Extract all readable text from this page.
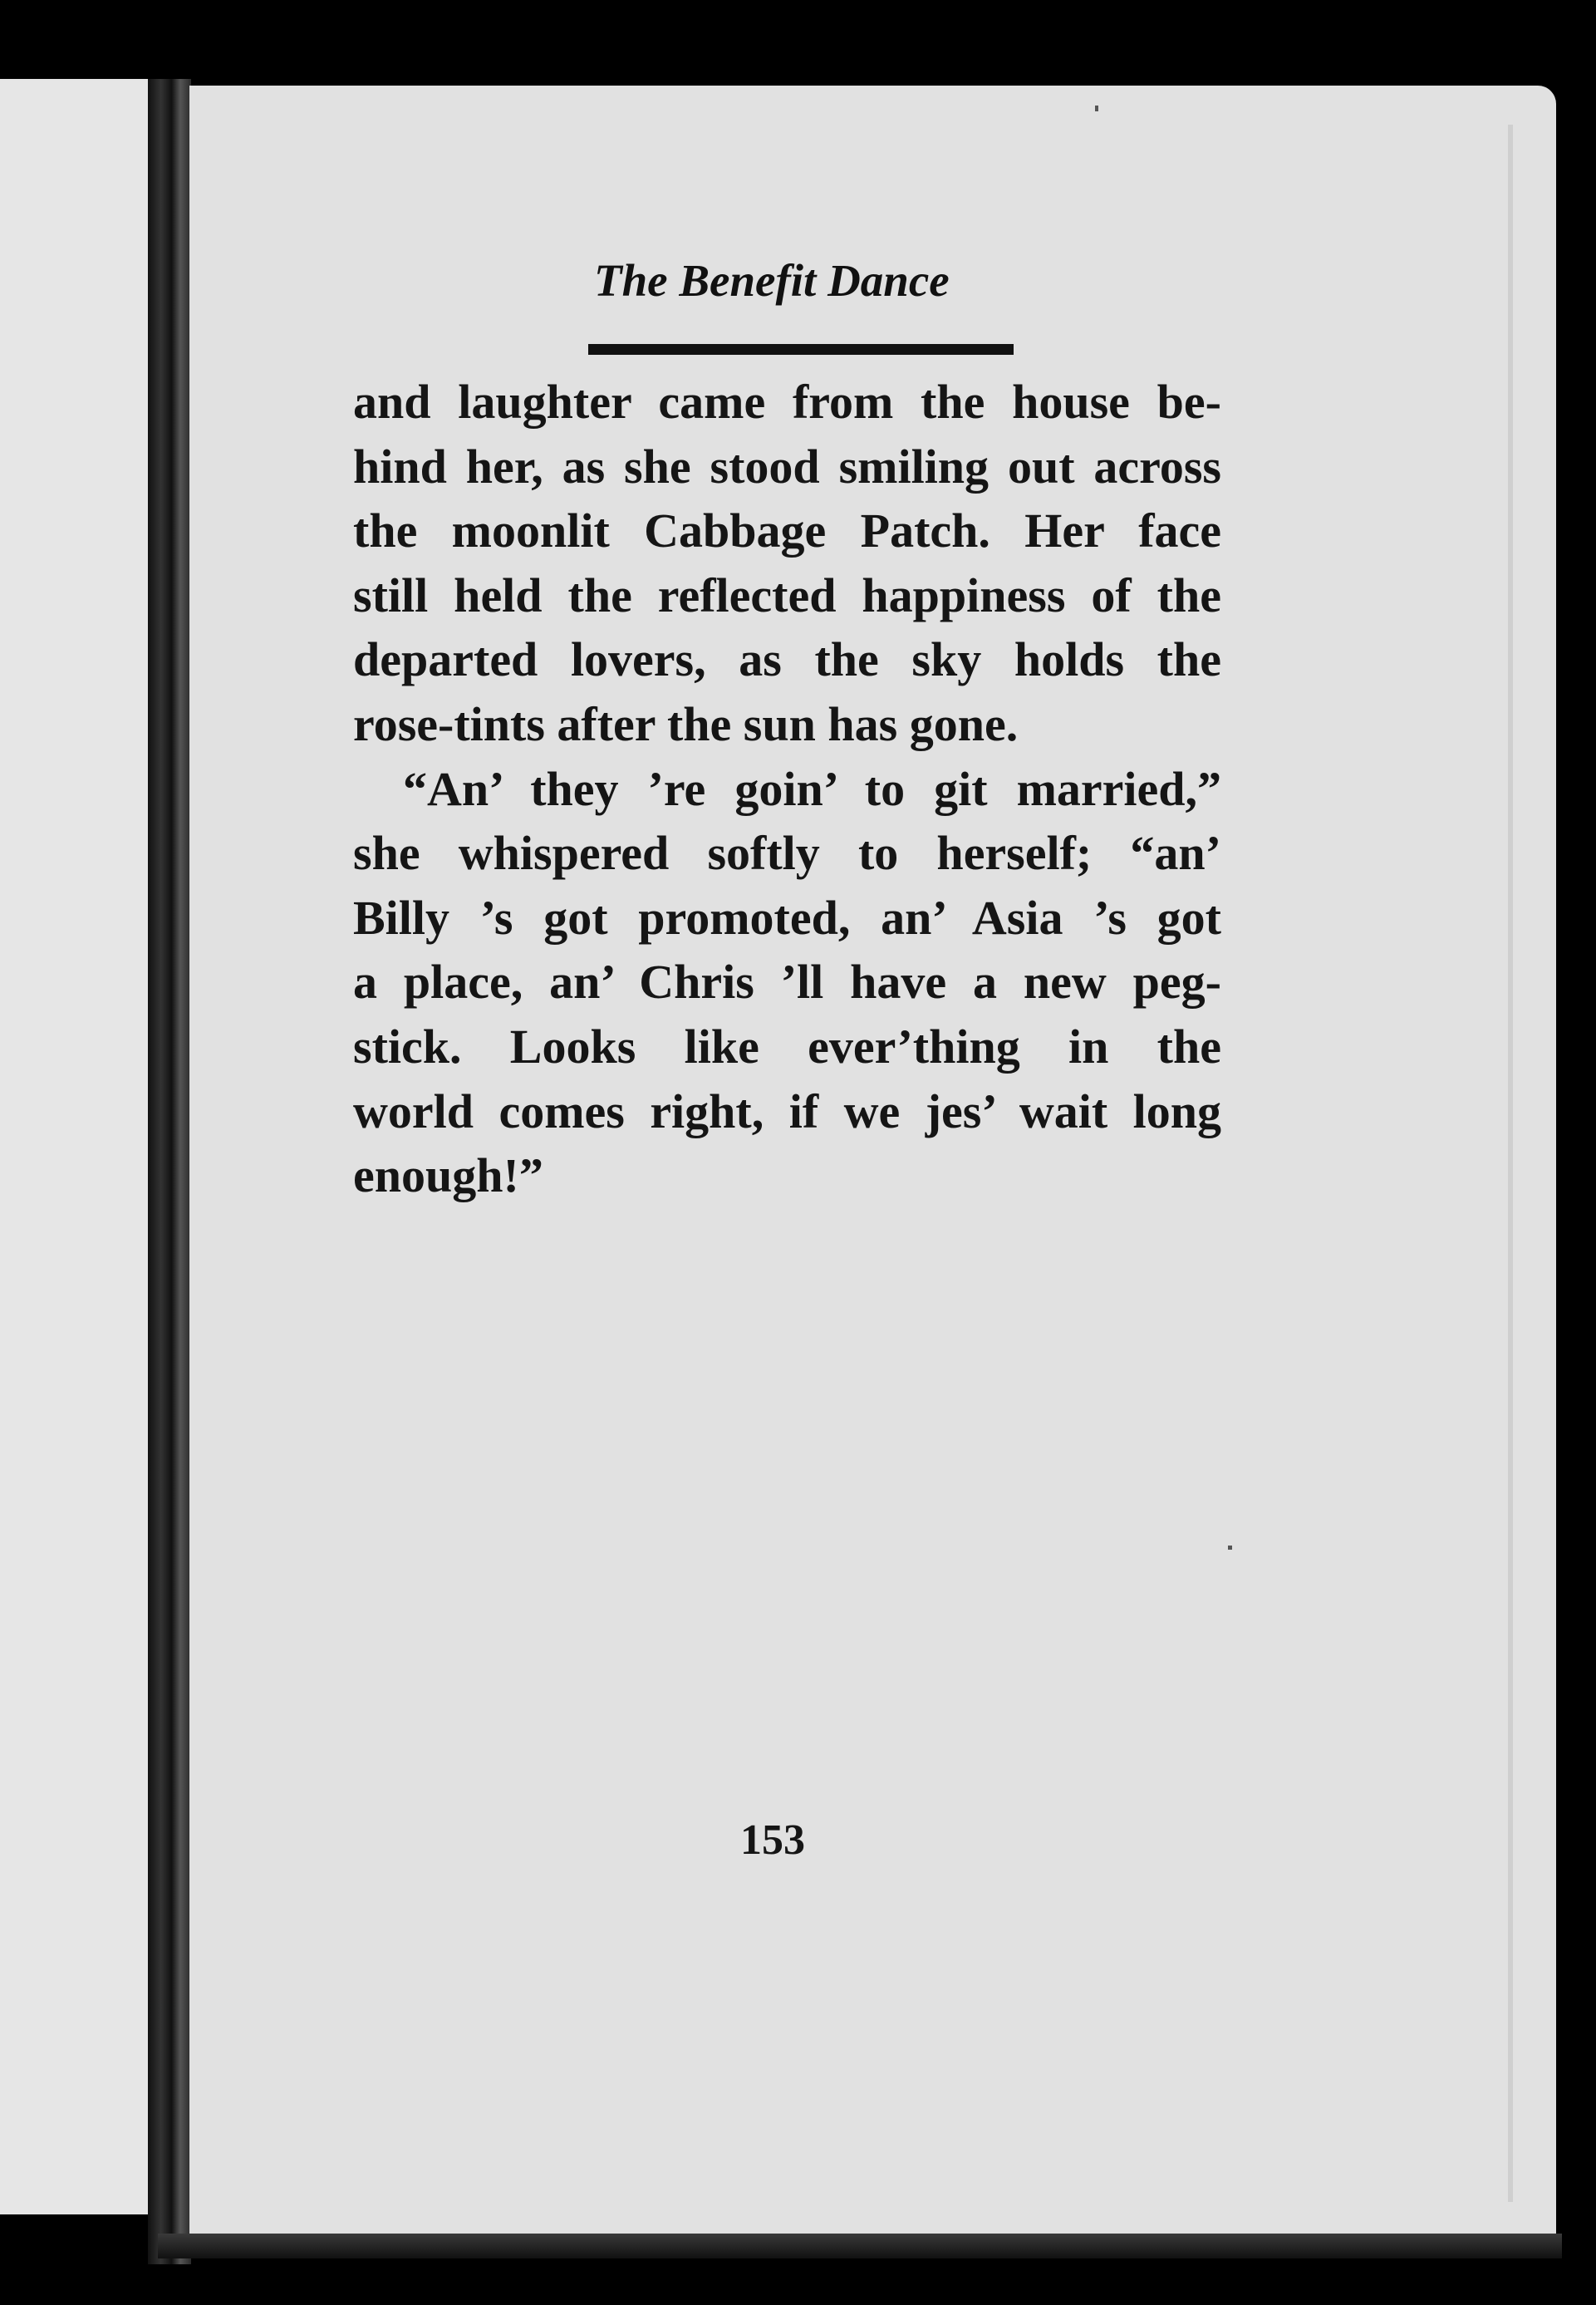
The Benefit Dance
and laughter came from the house be-
hind her, as she stood smiling out across
the moonlit Cabbage Patch. Her face
still held the reflected happiness of the
departed lovers, as the sky holds the
rose-tints after the sun has gone.
“An’ they ’re goin’ to git married,”
she whispered softly to herself; “an’
Billy ’s got promoted, an’ Asia ’s got
a place, an’ Chris ’ll have a new peg-
stick. Looks like ever’thing in the
world comes right, if we jes’ wait long
enough!”
153
